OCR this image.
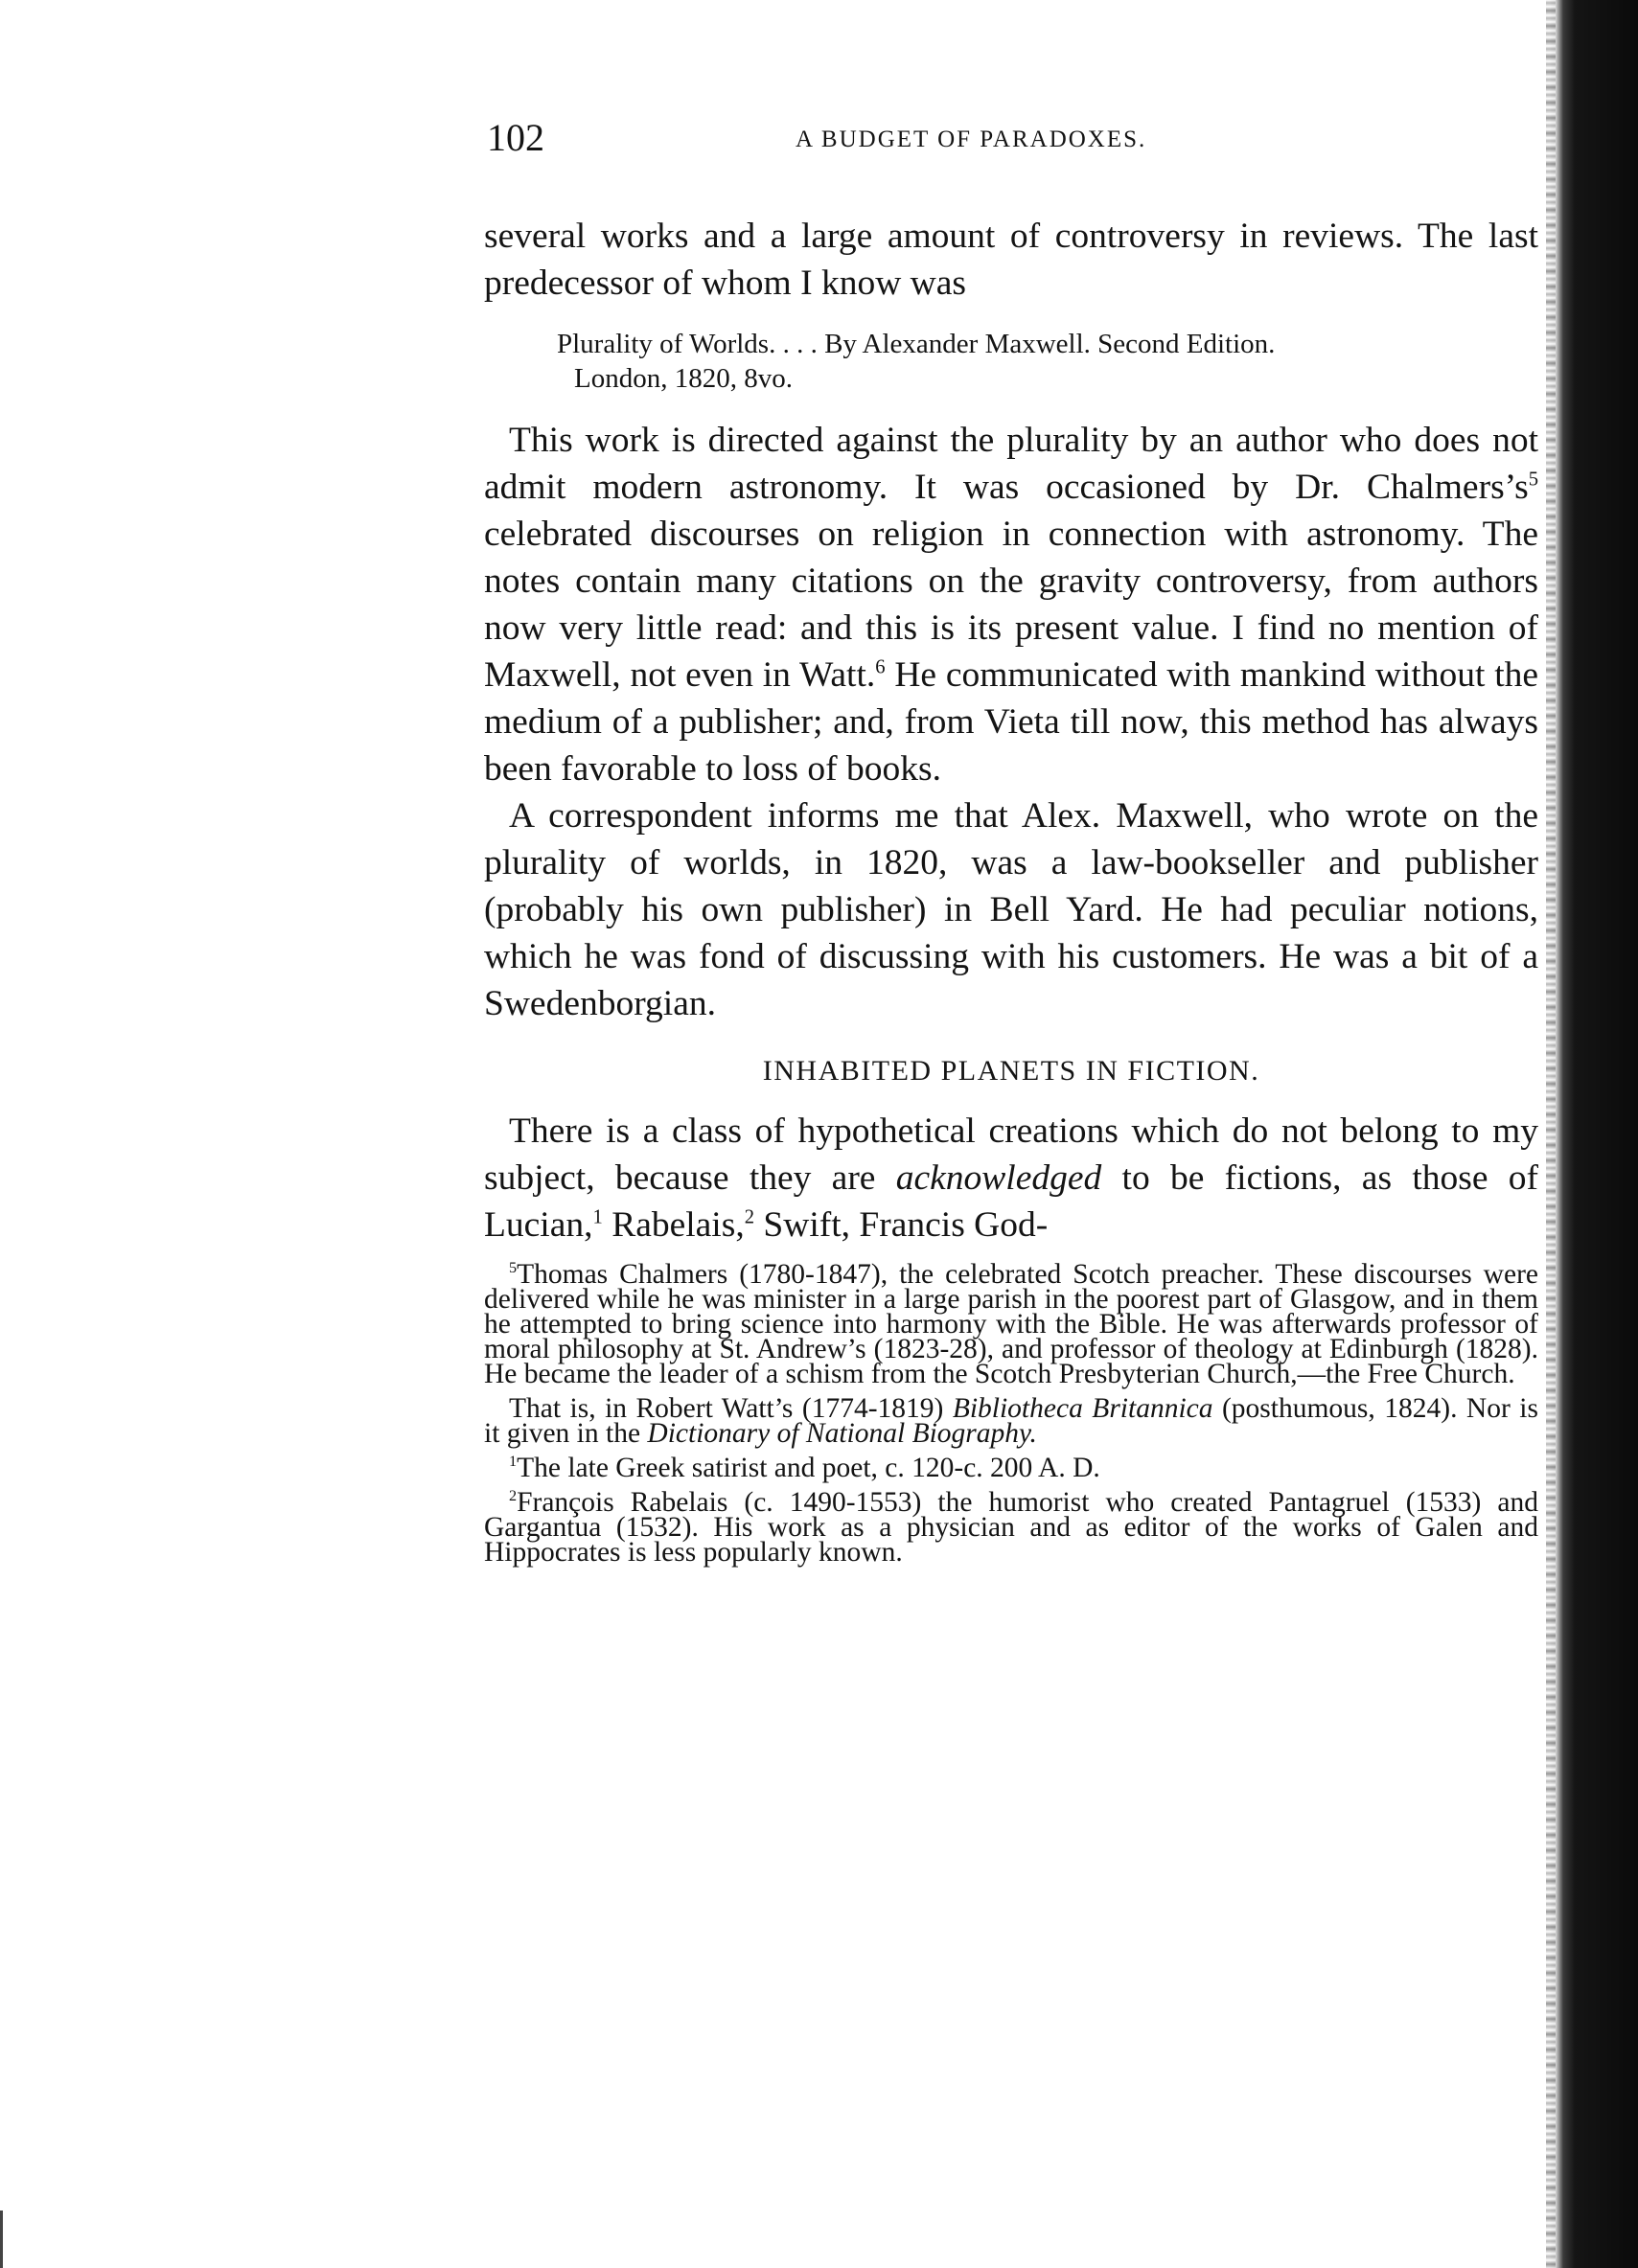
102	A BUDGET OF PARADOXES.

several works and a large amount of controversy in reviews. The last predecessor of whom I know was

Plurality of Worlds. . . . By Alexander Maxwell. Second Edition.
London, 1820, 8vo.

This work is directed against the plurality by an author who does not admit modern astronomy. It was occasioned by Dr. $Chalmers’s^5$ celebrated discourses on religion in connection with astronomy. The notes contain many citations on the gravity controversy, from authors now very little read: and this is its present value. I find no mention of Maxwell, not even in Watt.$^6$ He communicated with mankind without the medium of a publisher; and, from Vieta till now, this method has always been favorable to loss of books.

A correspondent informs me that Alex. Maxwell, who wrote on the plurality of worlds, in 1820, was a law-bookseller and publisher (probably his own publisher) in Bell Yard. He had peculiar notions, which he was fond of discussing with his customers. He was a bit of a Swedenborgian.

INHABITED PLANETS IN FICTION.

There is a class of hypothetical creations which do not belong to my subject, because they are acknowledged to be fictions, as those of Lucian,$^1$ Rabelais,$^2$ Swift, Francis God-

$^5$Thomas Chalmers (1780-1847), the celebrated Scotch preacher. These discourses were delivered while he was minister in a large parish in the poorest part of Glasgow, and in them he attempted to bring science into harmony with the Bible. He was afterwards professor of moral philosophy at St. Andrew’s (1823-28), and professor of theology at Edinburgh (1828). He became the leader of a schism from the Scotch Presbyterian Church,—the Free Church.
That is, in Robert Watt’s (1774-1819) Bibliotheca Britannica (posthumous, 1824). Nor is it given in the Dictionary of National Biography.
$^1$The late Greek satirist and poet, c. 120-c. 200 A. D.
$^2$François Rabelais (c. 1490-1553) the humorist who created Pantagruel (1533) and Gargantua (1532). His work as a physician and as editor of the works of Galen and Hippocrates is less popularly known.
